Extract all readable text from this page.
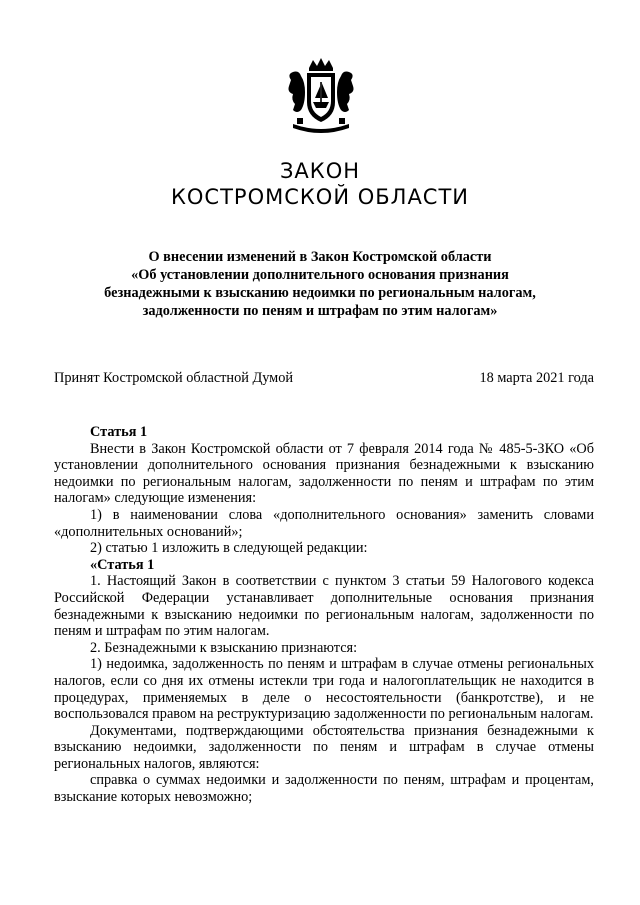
ЗАКОН
КОСТРОМСКОЙ ОБЛАСТИ
О внесении изменений в Закон Костромской области
«Об установлении дополнительного основания признания
безнадежными к взысканию недоимки по региональным налогам,
задолженности по пеням и штрафам по этим налогам»
Принят Костромской областной Думой	18 марта 2021 года

Статья 1

Внести в Закон Костромской области от 7 февраля 2014 года № 485-5-ЗКО «Об установлении дополнительного основания признания безнадежными к взысканию недоимки по региональным налогам, задолженности по пеням и штрафам по этим налогам» следующие изменения:

1) в наименовании слова «дополнительного основания» заменить словами «дополнительных оснований»;

2) статью 1 изложить в следующей редакции:

«Статья 1

1. Настоящий Закон в соответствии с пунктом 3 статьи 59 Налогового кодекса Российской Федерации устанавливает дополнительные основания признания безнадежными к взысканию недоимки по региональным налогам, задолженности по пеням и штрафам по этим налогам.

2. Безнадежными к взысканию признаются:

1) недоимка, задолженность по пеням и штрафам в случае отмены региональных налогов, если со дня их отмены истекли три года и налогоплательщик не находится в процедурах, применяемых в деле о несостоятельности (банкротстве), и не воспользовался правом на реструктуризацию задолженности по региональным налогам.

Документами, подтверждающими обстоятельства признания безнадежными к взысканию недоимки, задолженности по пеням и штрафам в случае отмены региональных налогов, являются:

справка о суммах недоимки и задолженности по пеням, штрафам и процентам, взыскание которых невозможно;
